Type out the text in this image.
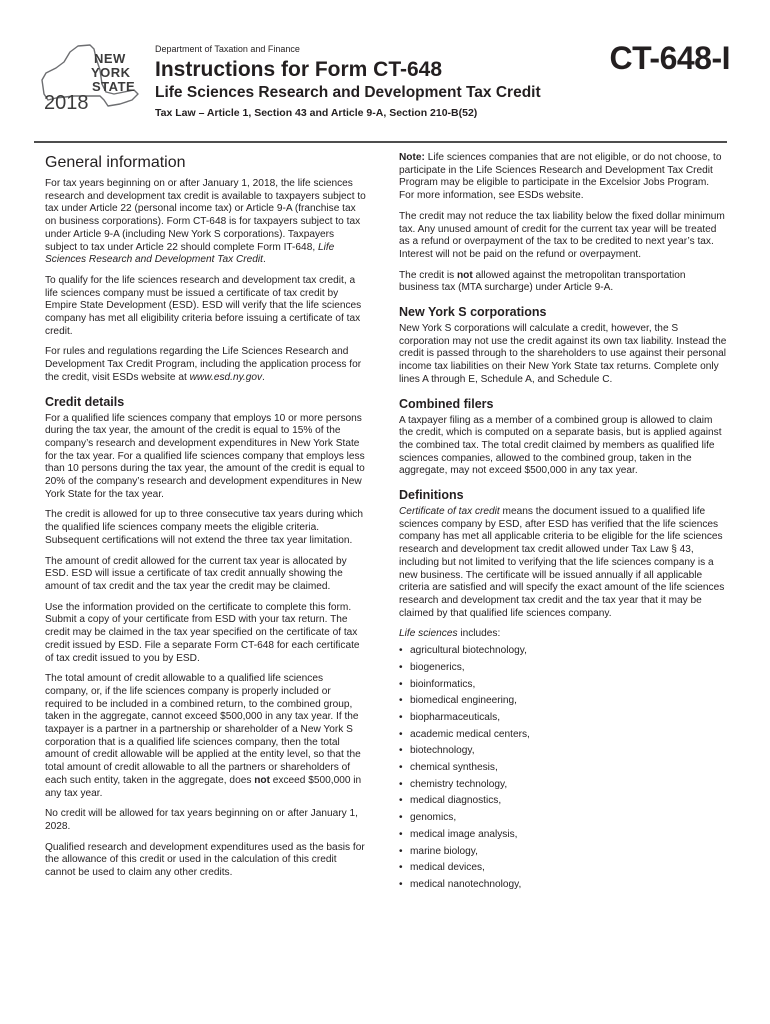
NEW
YORK
STATE
2018
Department of Taxation and Finance
Instructions for Form CT-648
Life Sciences Research and Development Tax Credit
Tax Law – Article 1, Section 43 and Article 9-A, Section 210-B(52)
CT-648-I
General information

For tax years beginning on or after January 1, 2018, the life sciences research and development tax credit is available to taxpayers subject to tax under Article 22 (personal income tax) or Article 9-A (franchise tax on business corporations). Form CT-648 is for taxpayers subject to tax under Article 9-A (including New York S corporations). Taxpayers subject to tax under Article 22 should complete Form IT-648, Life Sciences Research and Development Tax Credit.

To qualify for the life sciences research and development tax credit, a life sciences company must be issued a certificate of tax credit by Empire State Development (ESD). ESD will verify that the life sciences company has met all eligibility criteria before issuing a certificate of tax credit.

For rules and regulations regarding the Life Sciences Research and Development Tax Credit Program, including the application process for the credit, visit ESDs website at www.esd.ny.gov.

Credit details

For a qualified life sciences company that employs 10 or more persons during the tax year, the amount of the credit is equal to 15% of the company’s research and development expenditures in New York State for the tax year. For a qualified life sciences company that employs less than 10 persons during the tax year, the amount of the credit is equal to 20% of the company’s research and development expenditures in New York State for the tax year.

The credit is allowed for up to three consecutive tax years during which the qualified life sciences company meets the eligible criteria. Subsequent certifications will not extend the three tax year limitation.

The amount of credit allowed for the current tax year is allocated by ESD. ESD will issue a certificate of tax credit annually showing the amount of tax credit and the tax year the credit may be claimed.

Use the information provided on the certificate to complete this form. Submit a copy of your certificate from ESD with your tax return. The credit may be claimed in the tax year specified on the certificate of tax credit issued by ESD. File a separate Form CT-648 for each certificate of tax credit issued to you by ESD.

The total amount of credit allowable to a qualified life sciences company, or, if the life sciences company is properly included or required to be included in a combined return, to the combined group, taken in the aggregate, cannot exceed $500,000 in any tax year. If the taxpayer is a partner in a partnership or shareholder of a New York S corporation that is a qualified life sciences company, then the total amount of credit allowable will be applied at the entity level, so that the total amount of credit allowable to all the partners or shareholders of each such entity, taken in the aggregate, does not exceed $500,000 in any tax year.

No credit will be allowed for tax years beginning on or after January 1, 2028.

Qualified research and development expenditures used as the basis for the allowance of this credit or used in the calculation of this credit cannot be used to claim any other credits.

Note: Life sciences companies that are not eligible, or do not choose, to participate in the Life Sciences Research and Development Tax Credit Program may be eligible to participate in the Excelsior Jobs Program. For more information, see ESDs website.

The credit may not reduce the tax liability below the fixed dollar minimum tax. Any unused amount of credit for the current tax year will be treated as a refund or overpayment of the tax to be credited to next year’s tax. Interest will not be paid on the refund or overpayment.

The credit is not allowed against the metropolitan transportation business tax (MTA surcharge) under Article 9-A.

New York S corporations

New York S corporations will calculate a credit, however, the S corporation may not use the credit against its own tax liability. Instead the credit is passed through to the shareholders to use against their personal income tax liabilities on their New York State tax returns. Complete only lines A through E, Schedule A, and Schedule C.

Combined filers

A taxpayer filing as a member of a combined group is allowed to claim the credit, which is computed on a separate basis, but is applied against the combined tax. The total credit claimed by members as qualified life sciences companies, allowed to the combined group, taken in the aggregate, may not exceed $500,000 in any tax year.

Definitions

Certificate of tax credit means the document issued to a qualified life sciences company by ESD, after ESD has verified that the life sciences company has met all applicable criteria to be eligible for the life sciences research and development tax credit allowed under Tax Law § 43, including but not limited to verifying that the life sciences company is a new business. The certificate will be issued annually if all applicable criteria are satisfied and will specify the exact amount of the life sciences research and development tax credit and the tax year that it may be claimed by that qualified life sciences company.

Life sciences includes:

• agricultural biotechnology,
• biogenerics,
• bioinformatics,
• biomedical engineering,
• biopharmaceuticals,
• academic medical centers,
• biotechnology,
• chemical synthesis,
• chemistry technology,
• medical diagnostics,
• genomics,
• medical image analysis,
• marine biology,
• medical devices,
• medical nanotechnology,
